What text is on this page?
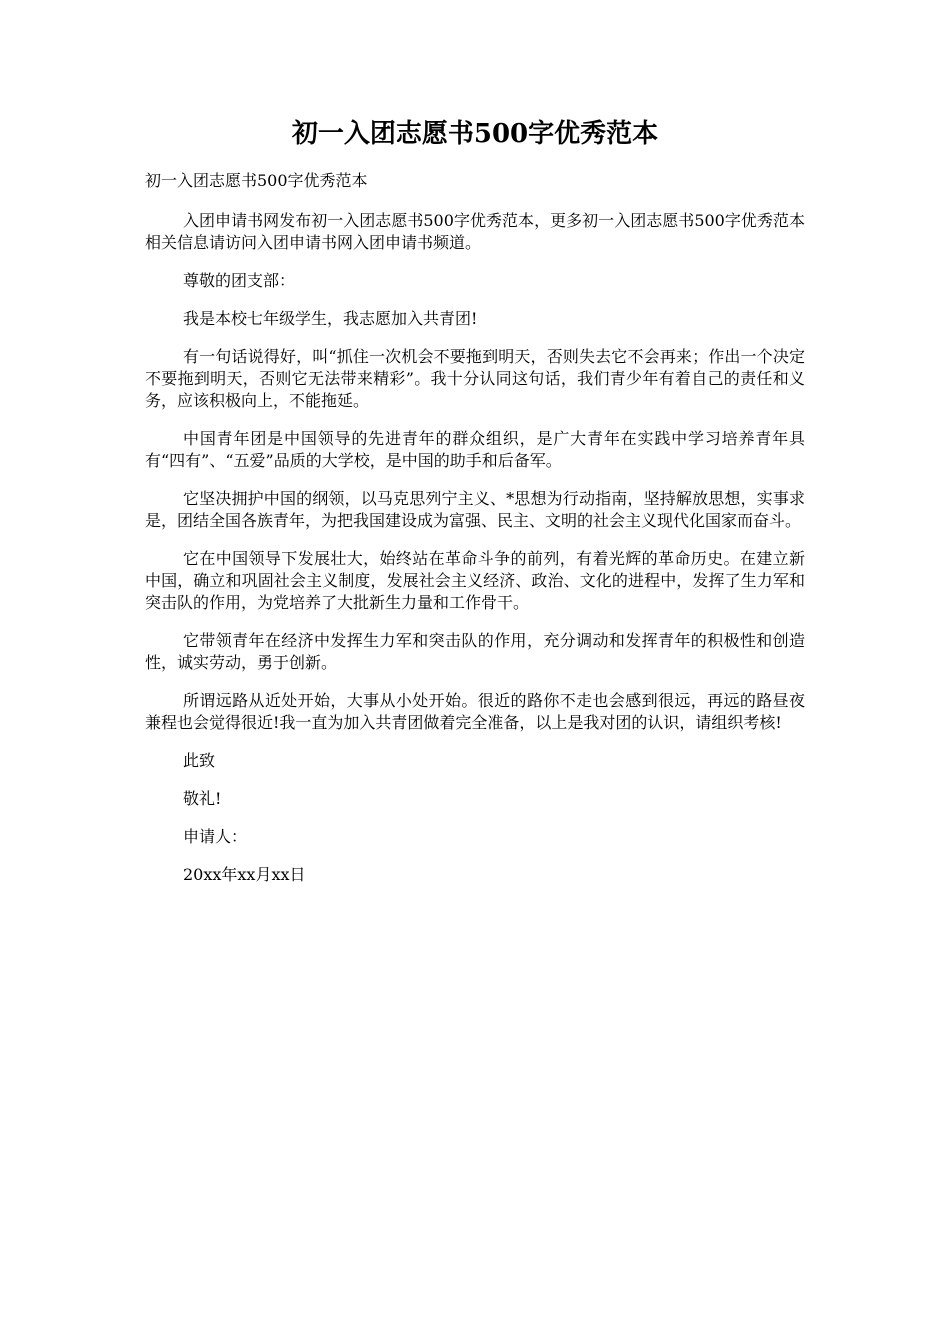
初一入团志愿书500字优秀范本

初一入团志愿书500字优秀范本

入团申请书网发布初一入团志愿书500字优秀范本，更多初一入团志愿书500字优秀范本相关信息请访问入团申请书网入团申请书频道。

尊敬的团支部：

我是本校七年级学生，我志愿加入共青团!

有一句话说得好，叫“抓住一次机会不要拖到明天，否则失去它不会再来；作出一个决定不要拖到明天，否则它无法带来精彩”。我十分认同这句话，我们青少年有着自己的责任和义务，应该积极向上，不能拖延。

中国青年团是中国领导的先进青年的群众组织，是广大青年在实践中学习培养青年具有“四有”、“五爱”品质的大学校，是中国的助手和后备军。

它坚决拥护中国的纲领，以马克思列宁主义、*思想为行动指南，坚持解放思想，实事求是，团结全国各族青年，为把我国建设成为富强、民主、文明的社会主义现代化国家而奋斗。

它在中国领导下发展壮大，始终站在革命斗争的前列，有着光辉的革命历史。在建立新中国，确立和巩固社会主义制度，发展社会主义经济、政治、文化的进程中，发挥了生力军和突击队的作用，为党培养了大批新生力量和工作骨干。

它带领青年在经济中发挥生力军和突击队的作用，充分调动和发挥青年的积极性和创造性，诚实劳动，勇于创新。

所谓远路从近处开始，大事从小处开始。很近的路你不走也会感到很远，再远的路昼夜兼程也会觉得很近!我一直为加入共青团做着完全准备，以上是我对团的认识，请组织考核!

此致

敬礼!

申请人：

20xx年xx月xx日
